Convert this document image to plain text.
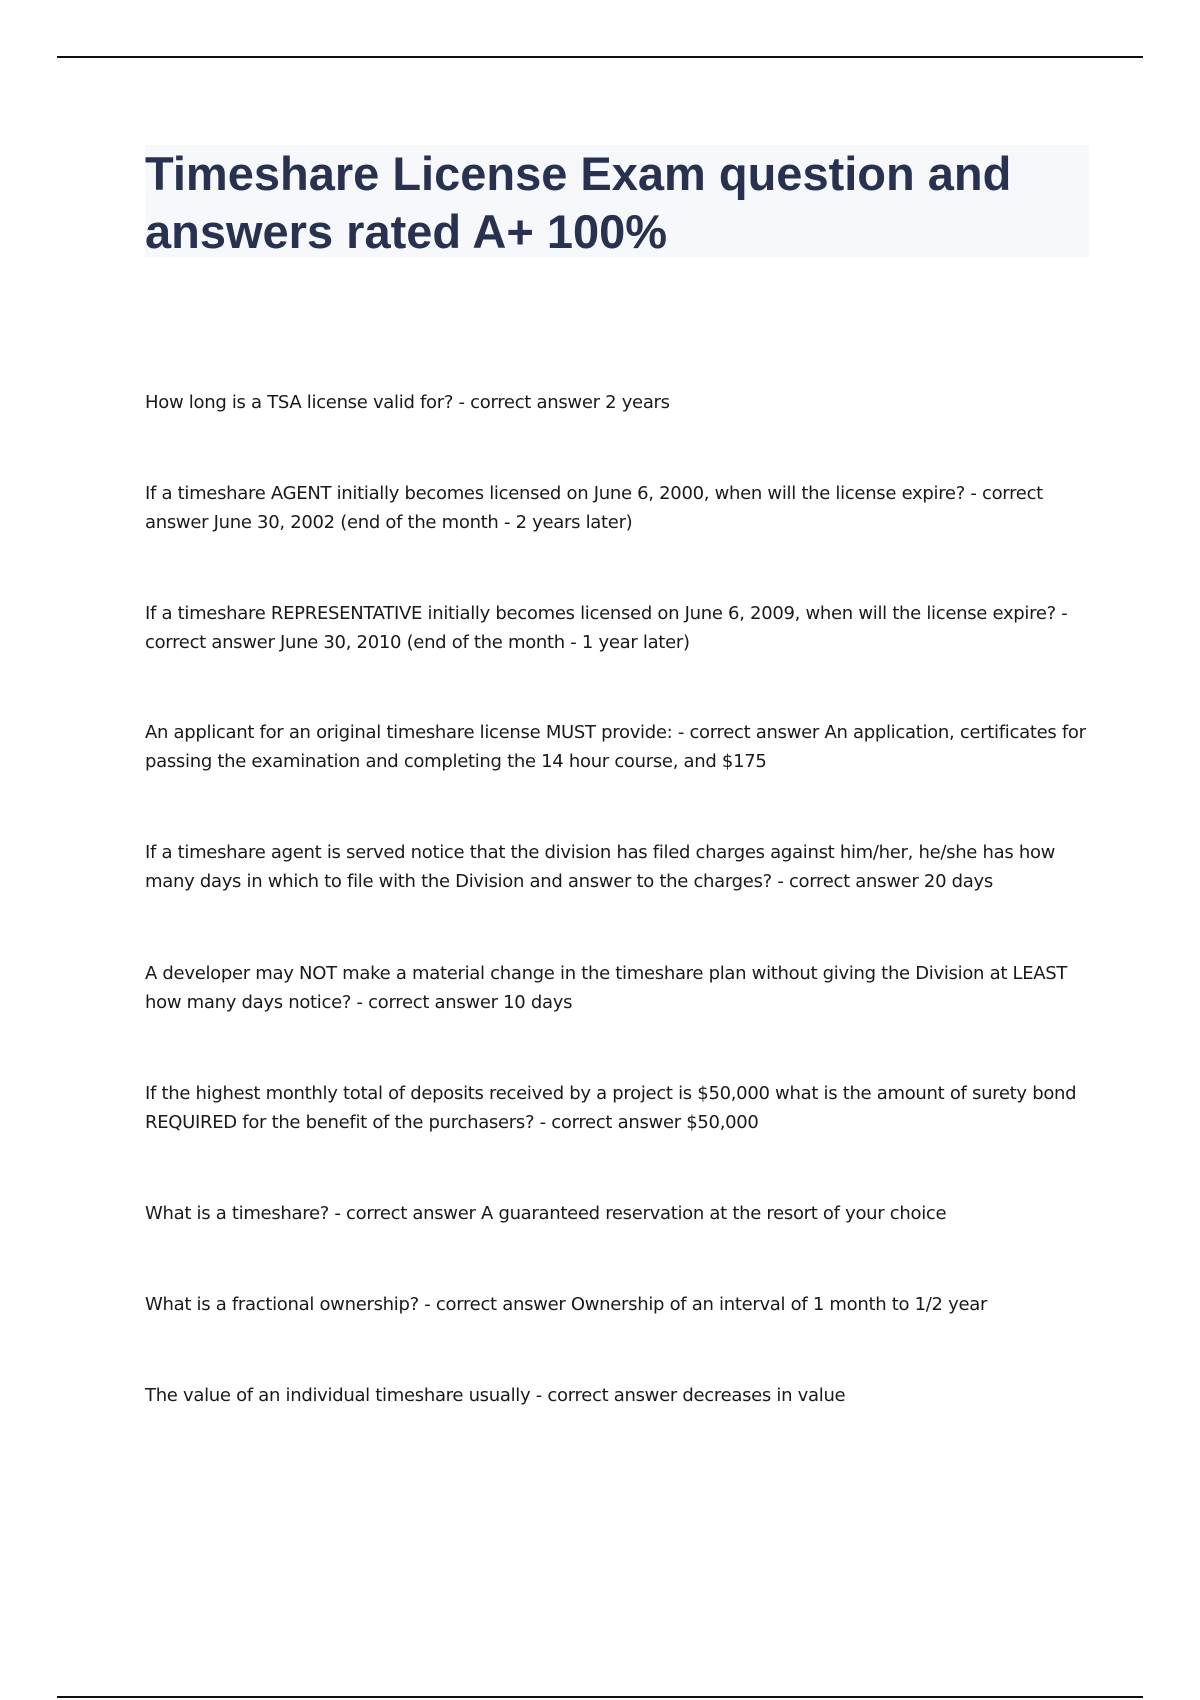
Timeshare License Exam question and answers rated A+ 100%

How long is a TSA license valid for? - correct answer 2 years

If a timeshare AGENT initially becomes licensed on June 6, 2000, when will the license expire? - correct answer June 30, 2002 (end of the month - 2 years later)

If a timeshare REPRESENTATIVE initially becomes licensed on June 6, 2009, when will the license expire? - correct answer June 30, 2010 (end of the month - 1 year later)

An applicant for an original timeshare license MUST provide: - correct answer An application, certificates for passing the examination and completing the 14 hour course, and $175

If a timeshare agent is served notice that the division has filed charges against him/her, he/she has how many days in which to file with the Division and answer to the charges? - correct answer 20 days

A developer may NOT make a material change in the timeshare plan without giving the Division at LEAST how many days notice? - correct answer 10 days

If the highest monthly total of deposits received by a project is $50,000 what is the amount of surety bond REQUIRED for the benefit of the purchasers? - correct answer $50,000

What is a timeshare? - correct answer A guaranteed reservation at the resort of your choice

What is a fractional ownership? - correct answer Ownership of an interval of 1 month to 1/2 year

The value of an individual timeshare usually - correct answer decreases in value
